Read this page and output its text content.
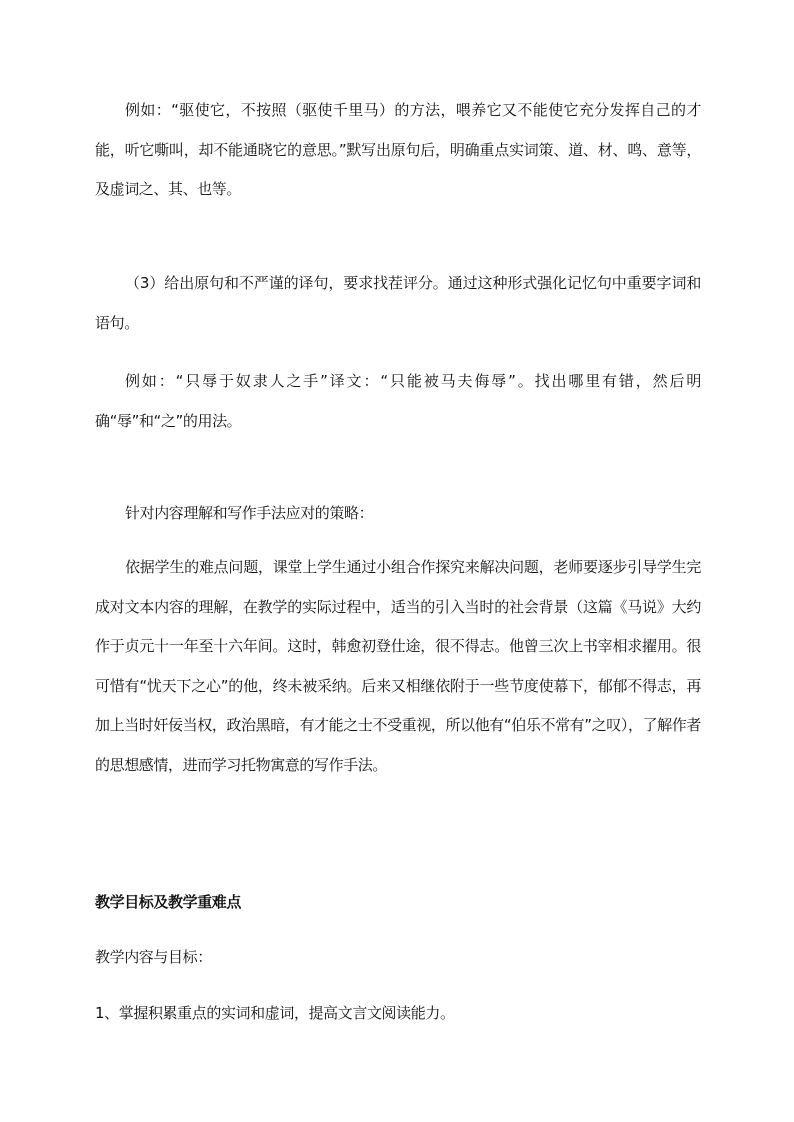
例如：“驱使它，不按照（驱使千里马）的方法，喂养它又不能使它充分发挥自己的才能，听它嘶叫，却不能通晓它的意思。”默写出原句后，明确重点实词策、道、材、鸣、意等，及虚词之、其、也等。

（3）给出原句和不严谨的译句，要求找茬评分。通过这种形式强化记忆句中重要字词和语句。

例如：“只辱于奴隶人之手”译文：“只能被马夫侮辱”。找出哪里有错，然后明确“辱”和“之”的用法。

针对内容理解和写作手法应对的策略：

依据学生的难点问题，课堂上学生通过小组合作探究来解决问题，老师要逐步引导学生完成对文本内容的理解，在教学的实际过程中，适当的引入当时的社会背景（这篇《马说》大约作于贞元十一年至十六年间。这时，韩愈初登仕途，很不得志。他曾三次上书宰相求擢用。很可惜有“忧天下之心”的他，终未被采纳。后来又相继依附于一些节度使幕下，郁郁不得志，再加上当时奸佞当权，政治黑暗，有才能之士不受重视，所以他有“伯乐不常有”之叹），了解作者的思想感情，进而学习托物寓意的写作手法。

教学目标及教学重难点

教学内容与目标：

1、掌握积累重点的实词和虚词，提高文言文阅读能力。
